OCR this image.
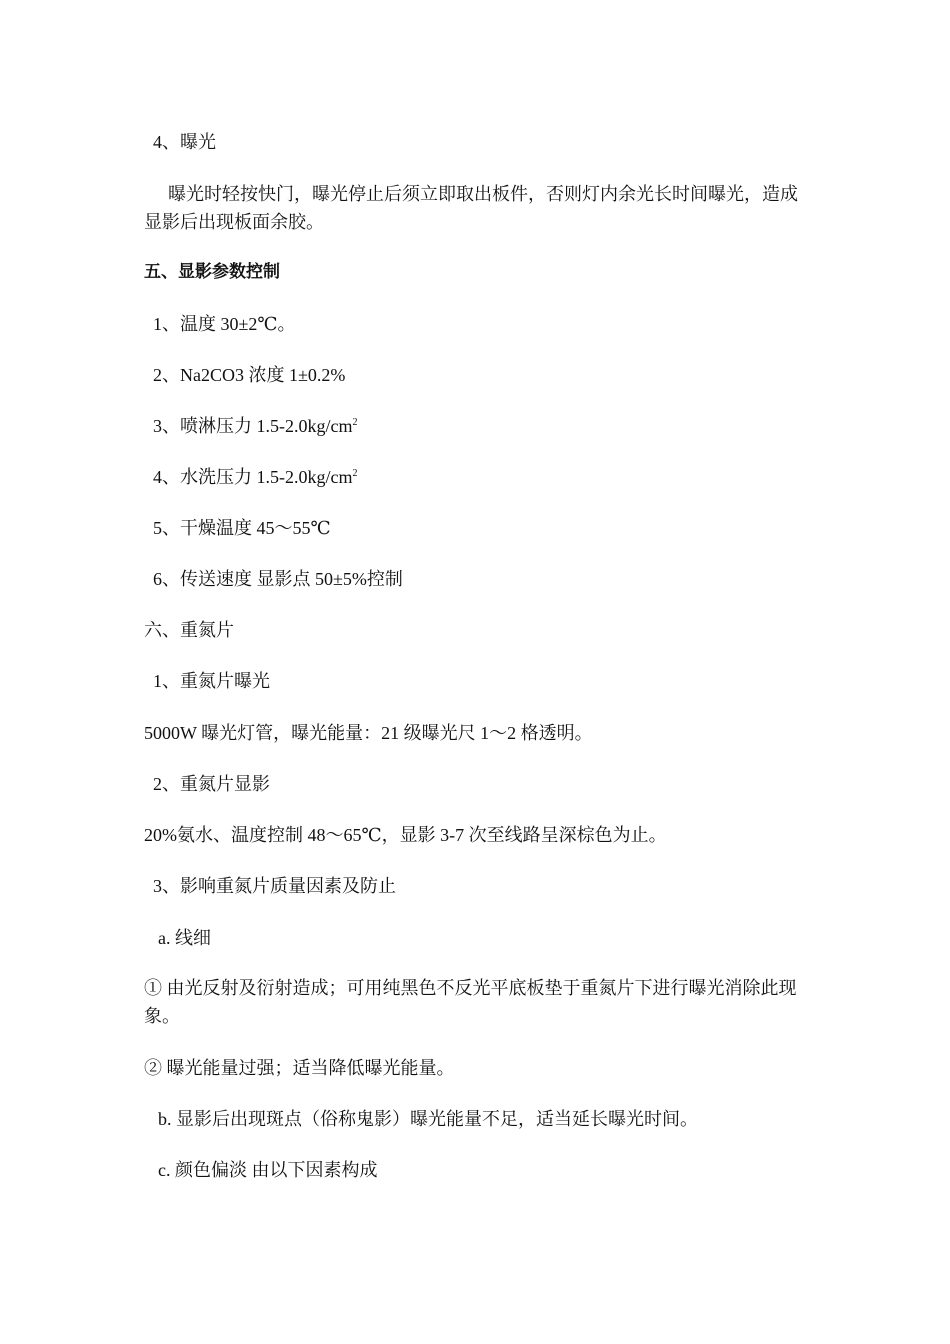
4、曝光
曝光时轻按快门，曝光停止后须立即取出板件，否则灯内余光长时间曝光，造成显影后出现板面余胶。
五、显影参数控制
1、温度 30±2℃。
2、Na2CO3 浓度 1±0.2%
3、喷淋压力 $1.5-2.0kg/cm^2$
4、水洗压力 $1.5-2.0kg/cm^2$
5、干燥温度 45～55℃
6、传送速度 显影点 50±5%控制
六、重氮片
1、重氮片曝光
5000W 曝光灯管，曝光能量：21 级曝光尺 1～2 格透明。
2、重氮片显影
20%氨水、温度控制 48～65℃，显影 3-7 次至线路呈深棕色为止。
3、影响重氮片质量因素及防止
a. 线细
① 由光反射及衍射造成；可用纯黑色不反光平底板垫于重氮片下进行曝光消除此现象。
② 曝光能量过强；适当降低曝光能量。
b. 显影后出现斑点（俗称鬼影）曝光能量不足，适当延长曝光时间。
c. 颜色偏淡 由以下因素构成
